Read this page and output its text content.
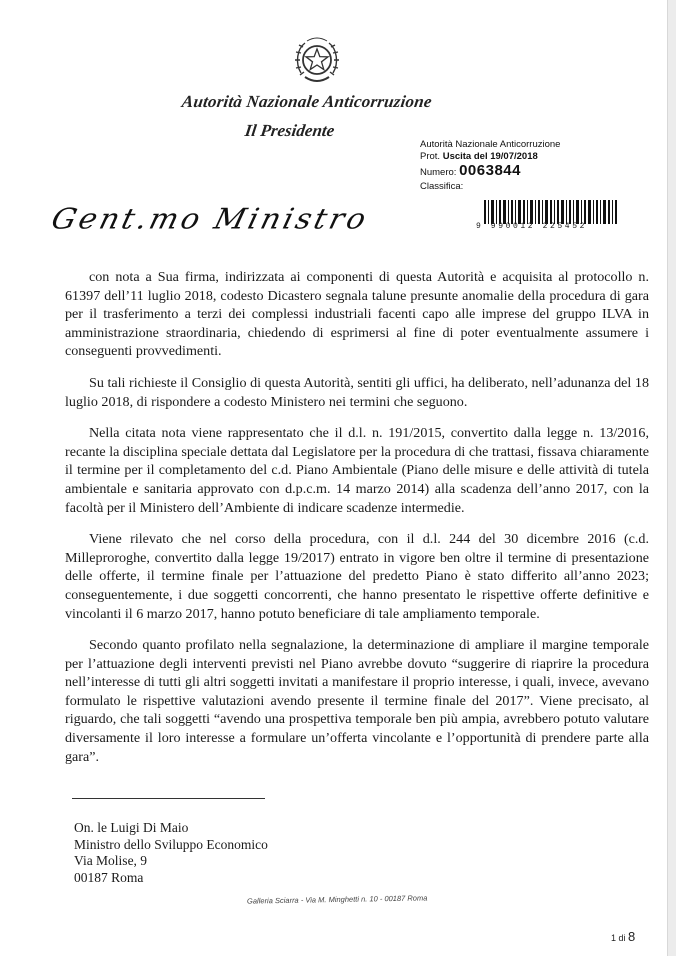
Autorità Nazionale Anticorruzione
Il Presidente
Autorità Nazionale Anticorruzione
Prot. Uscita del 19/07/2018
Numero: 0063844
Classifica:
9 990012 225452
Gent.mo Ministro

con nota a Sua firma, indirizzata ai componenti di questa Autorità e acquisita al protocollo n. 61397 dell’11 luglio 2018, codesto Dicastero segnala talune presunte anomalie della procedura di gara per il trasferimento a terzi dei complessi industriali facenti capo alle imprese del gruppo ILVA in amministrazione straordinaria, chiedendo di esprimersi al fine di poter eventualmente assumere i conseguenti provvedimenti.

Su tali richieste il Consiglio di questa Autorità, sentiti gli uffici, ha deliberato, nell’adunanza del 18 luglio 2018, di rispondere a codesto Ministero nei termini che seguono.

Nella citata nota viene rappresentato che il d.l. n. 191/2015, convertito dalla legge n. 13/2016, recante la disciplina speciale dettata dal Legislatore per la procedura di che trattasi, fissava chiaramente il termine per il completamento del c.d. Piano Ambientale (Piano delle misure e delle attività di tutela ambientale e sanitaria approvato con d.p.c.m. 14 marzo 2014) alla scadenza dell’anno 2017, con la facoltà per il Ministero dell’Ambiente di indicare scadenze intermedie.

Viene rilevato che nel corso della procedura, con il d.l. 244 del 30 dicembre 2016 (c.d. Milleproroghe, convertito dalla legge 19/2017) entrato in vigore ben oltre il termine di presentazione delle offerte, il termine finale per l’attuazione del predetto Piano è stato differito all’anno 2023; conseguentemente, i due soggetti concorrenti, che hanno presentato le rispettive offerte definitive e vincolanti il 6 marzo 2017, hanno potuto beneficiare di tale ampliamento temporale.

Secondo quanto profilato nella segnalazione, la determinazione di ampliare il margine temporale per l’attuazione degli interventi previsti nel Piano avrebbe dovuto “suggerire di riaprire la procedura nell’interesse di tutti gli altri soggetti invitati a manifestare il proprio interesse, i quali, invece, avevano formulato le rispettive valutazioni avendo presente il termine finale del 2017”. Viene precisato, al riguardo, che tali soggetti “avendo una prospettiva temporale ben più ampia, avrebbero potuto valutare diversamente il loro interesse a formulare un’offerta vincolante e l’opportunità di prendere parte alla gara”.

On. le Luigi Di Maio
Ministro dello Sviluppo Economico
Via Molise, 9
00187 Roma
Galleria Sciarra - Via M. Minghetti n. 10 - 00187 Roma
1 di 8
